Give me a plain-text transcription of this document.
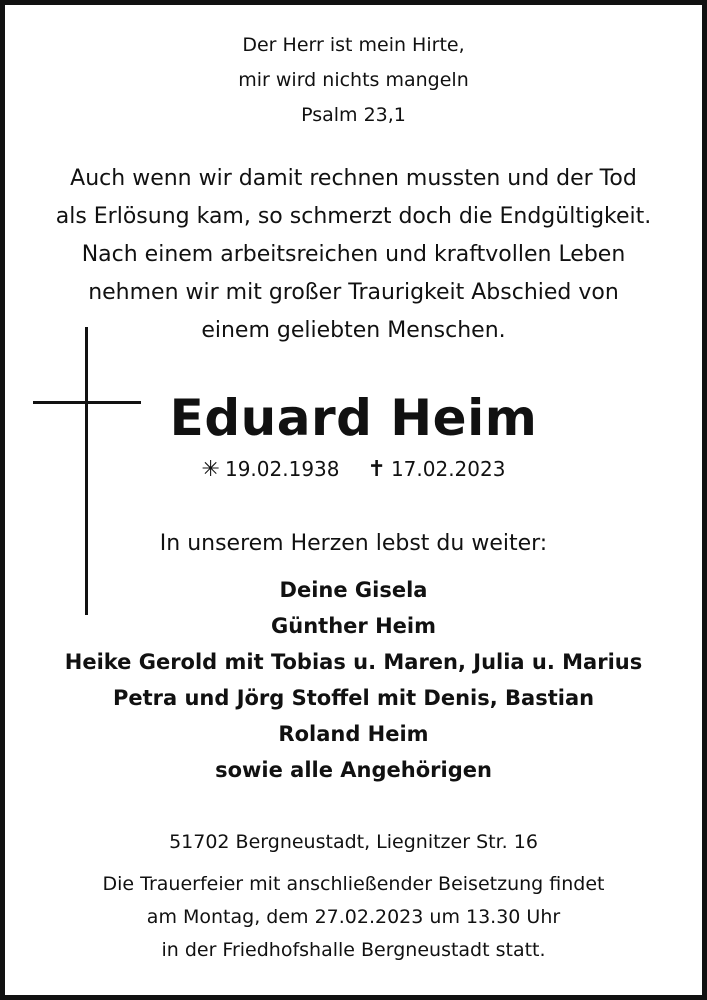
Der Herr ist mein Hirte,
mir wird nichts mangeln
Psalm 23,1
Auch wenn wir damit rechnen mussten und der Tod
als Erlösung kam, so schmerzt doch die Endgültigkeit.
Nach einem arbeitsreichen und kraftvollen Leben
nehmen wir mit großer Traurigkeit Abschied von
einem geliebten Menschen.
Eduard Heim
✳ 19.02.1938 ✝ 17.02.2023
In unserem Herzen lebst du weiter:
Deine Gisela
Günther Heim
Heike Gerold mit Tobias u. Maren, Julia u. Marius
Petra und Jörg Stoffel mit Denis, Bastian
Roland Heim
sowie alle Angehörigen
51702 Bergneustadt, Liegnitzer Str. 16
Die Trauerfeier mit anschließender Beisetzung findet
am Montag, dem 27.02.2023 um 13.30 Uhr
in der Friedhofshalle Bergneustadt statt.
